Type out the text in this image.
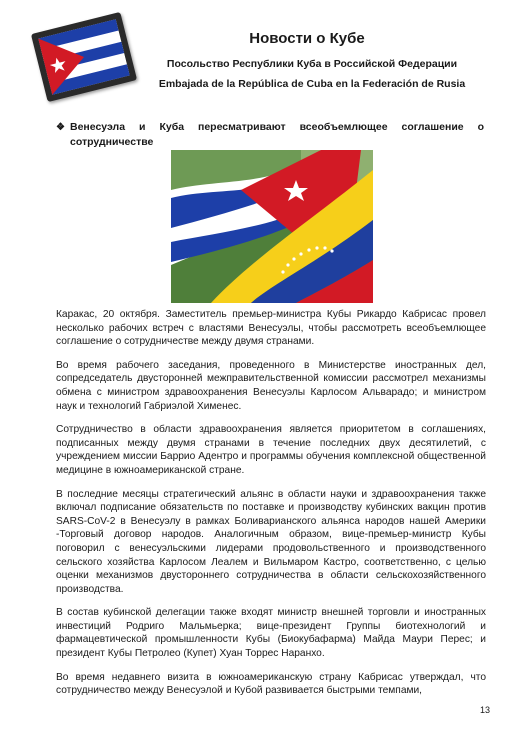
Новости о Кубе
Посольство Республики Куба в Российской Федерации
Embajada de la República de Cuba en la Federación de Rusia
❖ Венесуэла и Куба пересматривают всеобъемлющее соглашение о сотрудничестве

Каракас, 20 октября. Заместитель премьер-министра Кубы Рикардо Кабрисас провел несколько рабочих встреч с властями Венесуэлы, чтобы рассмотреть всеобъемлющее соглашение о сотрудничестве между двумя странами.

Во время рабочего заседания, проведенного в Министерстве иностранных дел, сопредседатель двусторонней межправительственной комиссии рассмотрел механизмы обмена с министром здравоохранения Венесуэлы Карлосом Альварадо; и министром наук и технологий Габриэлой Хименес.

Сотрудничество в области здравоохранения является приоритетом в соглашениях, подписанных между двумя странами в течение последних двух десятилетий, с учреждением миссии Баррио Адентро и программы обучения комплексной общественной медицине в южноамериканской стране.

В последние месяцы стратегический альянс в области науки и здравоохранения также включал подписание обязательств по поставке и производству кубинских вакцин против SARS-CoV-2 в Венесуэлу в рамках Боливарианского альянса народов нашей Америки -Торговый договор народов. Аналогичным образом, вице-премьер-министр Кубы поговорил с венесуэльскими лидерами продовольственного и производственного сельского хозяйства Карлосом Леалем и Вильмаром Кастро, соответственно, с целью оценки механизмов двустороннего сотрудничества в области сельскохозяйственного производства.

В состав кубинской делегации также входят министр внешней торговли и иностранных инвестиций Родриго Мальмьерка; вице-президент Группы биотехнологий и фармацевтической промышленности Кубы (Биокубафарма) Майда Маури Перес; и президент Кубы Петролео (Купет) Хуан Торрес Наранхо.

Во время недавнего визита в южноамериканскую страну Кабрисас утверждал, что сотрудничество между Венесуэлой и Кубой развивается быстрыми темпами,

13
